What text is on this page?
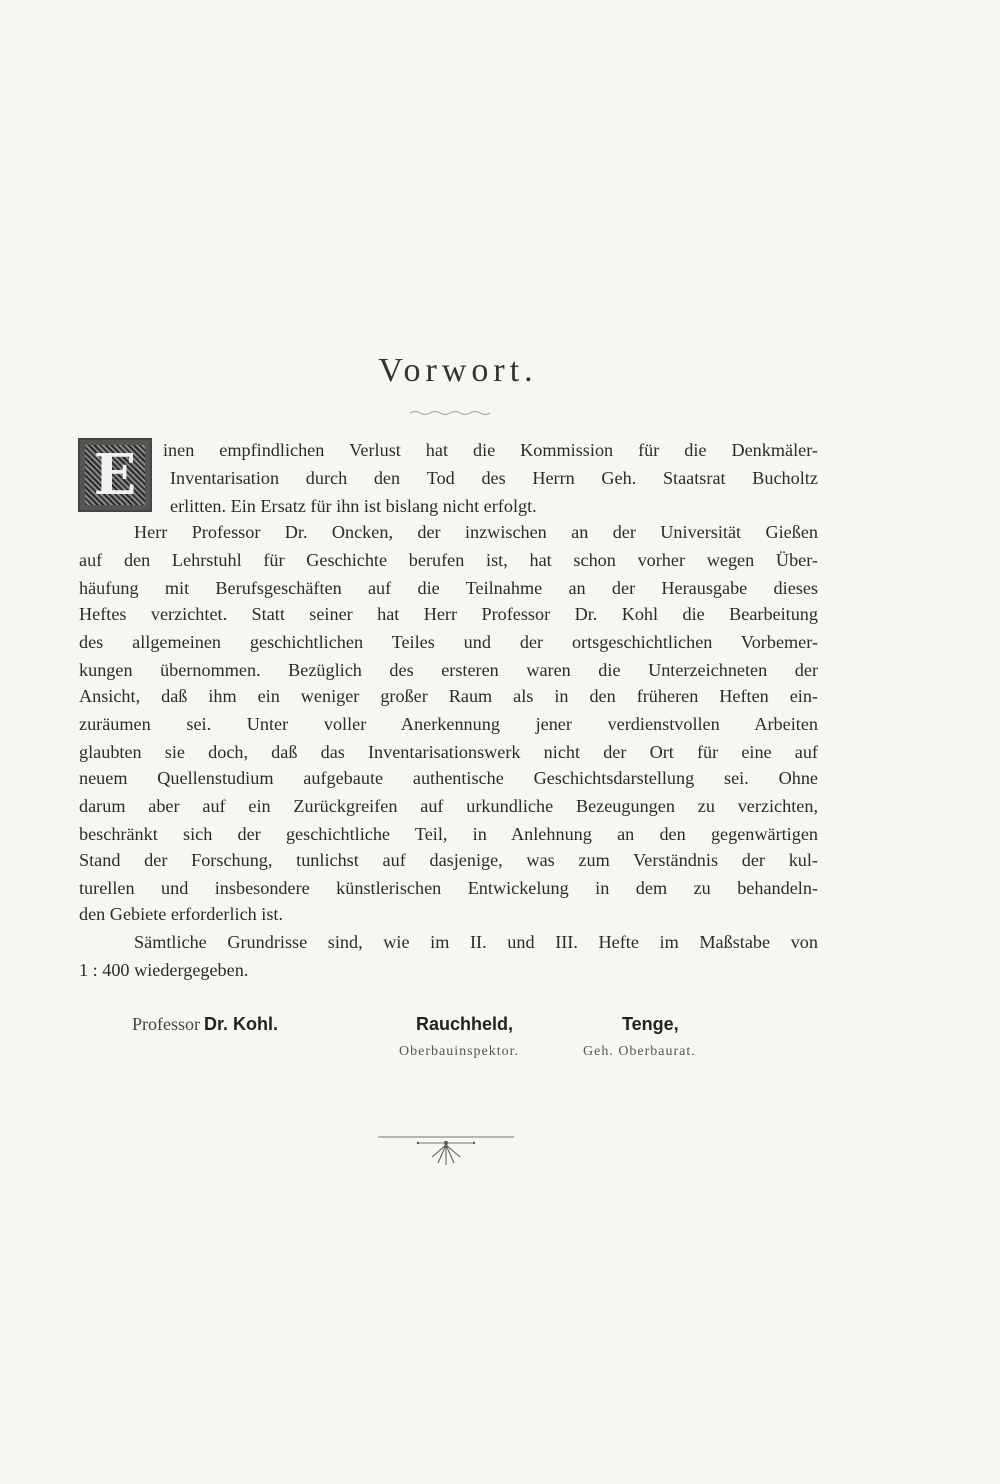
Vorwort.
E	inen empfindlichen Verlust hat die Kommission für die Denkmäler-
Inventarisation durch den Tod des Herrn Geh. Staatsrat Bucholtz
erlitten. Ein Ersatz für ihn ist bislang nicht erfolgt.
Herr Professor Dr. Oncken, der inzwischen an der Universität Gießen
auf den Lehrstuhl für Geschichte berufen ist, hat schon vorher wegen Über-
häufung mit Berufsgeschäften auf die Teilnahme an der Herausgabe dieses
Heftes verzichtet. Statt seiner hat Herr Professor Dr. Kohl die Bearbeitung
des allgemeinen geschichtlichen Teiles und der ortsgeschichtlichen Vorbemer-
kungen übernommen. Bezüglich des ersteren waren die Unterzeichneten der
Ansicht, daß ihm ein weniger großer Raum als in den früheren Heften ein-
zuräumen sei. Unter voller Anerkennung jener verdienstvollen Arbeiten
glaubten sie doch, daß das Inventarisationswerk nicht der Ort für eine auf
neuem Quellenstudium aufgebaute authentische Geschichtsdarstellung sei. Ohne
darum aber auf ein Zurückgreifen auf urkundliche Bezeugungen zu verzichten,
beschränkt sich der geschichtliche Teil, in Anlehnung an den gegenwärtigen
Stand der Forschung, tunlichst auf dasjenige, was zum Verständnis der kul-
turellen und insbesondere künstlerischen Entwickelung in dem zu behandeln-
den Gebiete erforderlich ist.
Sämtliche Grundrisse sind, wie im II. und III. Hefte im Maßstabe von
1 : 400 wiedergegeben.
Professor Dr. Kohl.	Rauchheld,
Oberbauinspektor.
Tenge,
Geh. Oberbaurat.
